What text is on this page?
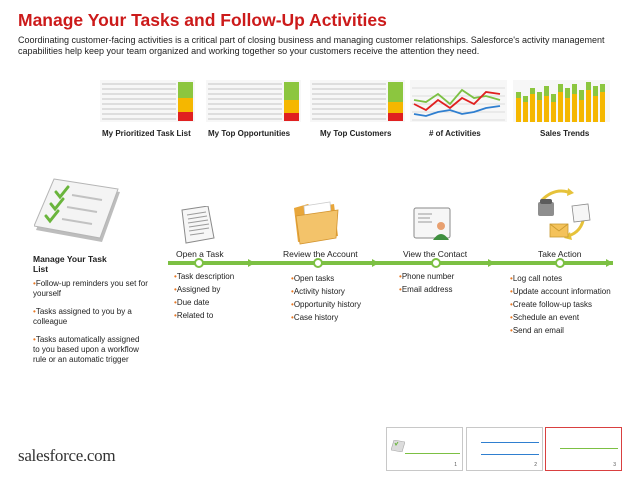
Manage Your Tasks and Follow-Up Activities
Coordinating customer-facing activities is a critical part of closing business and managing customer relationships. Salesforce's activity management capabilities help keep your team organized and working together so your customers receive the attention they need.
My Prioritized Task List My Top Opportunities	My Top Customers	# of Activities	Sales Trends
Manage Your Task List
• Follow-up reminders you set for yourself
• Tasks assigned to you by a colleague
• Tasks automatically assigned to you based upon a workflow rule or an automatic trigger
Open a Task
• Task description
• Assigned by
• Due date
• Related to
Review the Account
• Open tasks
• Activity history
• Opportunity history
• Case history
View the Contact
• Phone number
• Email address
Take Action
• Log call notes
• Update account information
• Create follow-up tasks
• Schedule an event
• Send an email
salesforce.com	1	2	3
